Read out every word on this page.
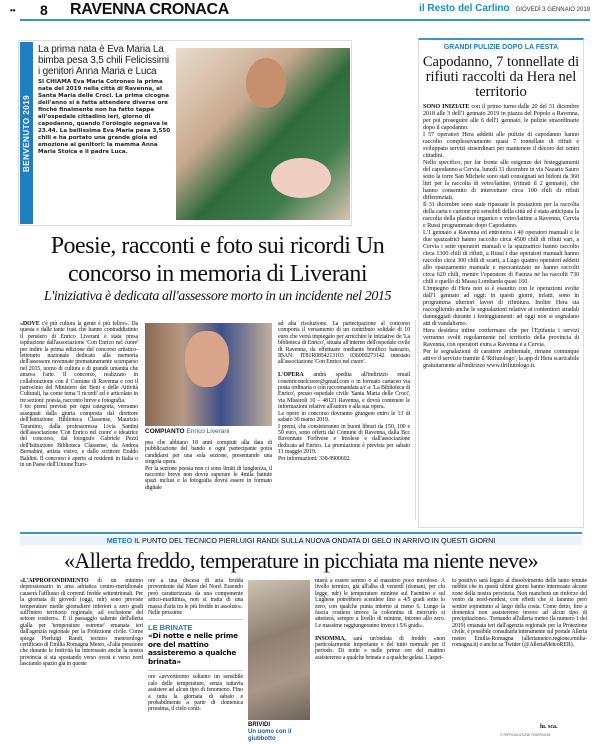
•• 8 RAVENNA CRONACA	il Resto del Carlino GIOVEDÌ 3 GENNAIO 2019
BENVENUTO 2019
La prima nata è Eva Maria La bimba pesa 3,5 chili Felicissimi i genitori Anna Maria e Luca
SI CHIAMA Eva Maria Cotroneo la prima nata del 2019 nella città di Ravenna, al Santa Maria delle Croci. La prima cicogna dell'anno si è fatta attendere diverse ore finché finalmente non ha fatto tappa all'ospedale cittadino ieri, giorno di capodanno, quando l'orologio segnava le 23.44. La bellissima Eva Maria pesa 3,550 chili e ha portato una grande gioia ed emozione ai genitori: la mamma Anna Maria Stoica e il padre Luca.
GRANDI PULIZIE DOPO LA FESTA
Capodanno, 7 tonnellate di rifiuti raccolti da Hera nel territorio

SONO INIZIATE con il primo turno dalle 20 del 31 dicembre 2018 alle 3 dell'1 gennaio 2019 in piazza del Popolo a Ravenna, per poi proseguire alle 6 dell'1 gennaio, le pulizie straordinarie dopo il capodanno.

I 57 operatori Hera addetti alle pulizie di capodanno hanno raccolto complessivamente quasi 7 tonnellate di rifiuti e sviluppato servizi straordinari per mantenere il decoro dei centri cittadini.

Nello specifico, per far fronte alle esigenze dei festeggiamenti del capodanno a Cervia, lunedì 31 dicembre in via Nazario Sauro sotto la torre San Michele sono stati consegnati sei bidoni da 360 litri per la raccolta di vetro/lattine, (ritirati il 2 gennaio), che hanno consentito di intercettare circa 100 chili di rifiuti differenziati.

Il 31 dicembre sono state ripassate le postazioni per la raccolta della carta e cartone più sensibili della città ed è stata anticipata la raccolta della plastica organico e vetro/lattine a Ravenna, Cervia e Russi programmate dopo Capodanno.

L'1 gennaio a Ravenna ed entroterra i 40 operatori manuali e le due spazzatrici hanno raccolto circa 4500 chili di rifiuti vari, a Cervia i sette operatori manuali e la spazzatrice hanno raccolto circa 1300 chili di rifiuti, a Russi i due operatori manuali hanno raccolto circa 300 chili di scarti, a Lugo quattro operatori addetti allo spazzamento manuale e meccanizzato ne hanno raccolti circa 620 chili, mentre l'operatore di Faenza ne ha raccolti 730 chili e quello di Massa Lombarda quasi 160.

L'impegno di Hera non si è esaurito con le operazioni svolte dall'1 gennaio ad oggi: in questi giorni, infatti, sono in programma ulteriori lavori di rifinitura. Inoltre Hera sta raccogliendo anche le segnalazioni relative ai contenitori stradali danneggiati durante i festeggiamenti: ad oggi non si segnalano atti di vandalismo.

Hera desidera infine confermare che per l'Epifania i servizi verranno svolti regolarmente nel territorio della provincia di Ravenna, con operatori extra a Ravenna e a Cervia.

Per le segnalazioni di carattere ambientale, rimane comunque attivo il servizio tramite il 'Rifiutologo', la app di Hera scaricabile gratuitamente all'indirizzo www.ilrifiutologo.it.

Poesie, racconti e foto sui ricordi Un concorso in memoria di Liverani
L'iniziativa è dedicata all'assessore morto in un incidente nel 2015
«DOVE c'è più cultura la gente è più felice». Da questa e dalle tante frasi che hanno contraddistinto il pensiero di Enrico Liverani è stata presa ispirazione dall'associazione 'Con Enrico nel cuore' per indire la prima edizione del concorso artistico-letterario nazionale dedicato alla memoria dell'assessore ravennate prematuramente scomparso nel 2015, uomo di cultura e di grande umanità che amava l'arte. Il concorso, realizzato in collaborazione con il Comune di Ravenna e con il patrocinio del Ministero dei Beni e delle Attività Culturali, ha come tema 'I ricordi' ed è articolato in tre sezioni: poesia, racconto breve e fotografia.
I tre premi previsti per ogni categoria, verranno assegnati dalla giuria composta dal direttore dell'Istituzione Biblioteca Classense, Maurizio Tarantino, dalla professoressa Livia Santini dell'associazione 'Con Enrico nel cuore' e ideatrice del concorso, dal fotografo Gabriele Pezzi dell'Istituzione Biblioteca Classense, da Andrea Bernabini, artista visivo, e dallo scrittore Eraldo Baldini. Il concorso è aperto ai residenti in Italia o in un Paese dell'Unione Euro-
COMPIANTO Enrico Liverani
pea che abbiano 18 anni compiuti alla data di pubblicazione del bando e ogni partecipante potrà candidarsi per una sola sezione, presentando una singola opera.
Per la sezione poesia non ci sono limiti di lunghezza, il racconto breve non dovrà superare le 4mila battute spazi inclusi e la fotografia dovrà essere in formato digitale
ad alta risoluzione. La partecipazione al concorso comporta il versamento di un contributo solidale di 10 euro che verrà impiegato per arricchire le iniziative de 'La biblioteca di Enrico', situata all'interno dell'ospedale civile di Ravenna, da effettuare mediante bonifico bancario, IBAN: IT81R0854213103 036000273142 intestato all'associazione 'Con Enrico nel cuore'.

L'OPERA andrà spedita all'indirizzo email conenriconelcuore@gmail.com o in formato cartaceo via posta ordinaria o con raccomandata a/r a: 'La Biblioteca di Enrico', presso ospedale civile 'Santa Maria delle Croci', via Missiroli 10 – 48121 Ravenna, e dovrà contenere le informazioni relative all'autore e alla sua opera.
Le opere in concorso dovranno giungere entro le 13 di sabato 30 marzo 2019.
I premi, che consisteranno in buoni librari da 150, 100 e 50 euro, sono offerti dal Comune di Ravenna, dalla Bcc Ravennate Forlivese e Imolese e dall'associazione dedicata ad Enrico. La premiazione è prevista per sabato 11 maggio 2019.
Per informazioni: 338-9900602.
METEO IL PUNTO DEL TECNICO PIERLUIGI RANDI SULLA NUOVA ONDATA DI GELO IN ARRIVO IN QUESTI GIORNI
«Allerta freddo, temperature in picchiata ma niente neve»
«L'APPROFONDIMENTO di un minimo depressionario in area adriatica centro-meridionale causerà l'afflusso di correnti fredde settentrionali. Per la giornata di giovedì (oggi, ndr) sono previste temperature medie giornaliere inferiori a zero gradi sull'intero territorio regionale, ad esclusione del settore costiero». È il passaggio saliente dell'allerta gialla per 'temperature estreme' emanata ieri dall'agenzia regionale per la Protezione civile. Come spiega Pierluigi Randi, tecnico meteorologo certificato di Emilia Romagna Meteo, «l'alta pressione che durante le festività ha interessato anche la nostra provincia si sta spostando verso ovest e verso nord lasciando spazio già in queste
ore a una discesa di aria fredda proveniente dal Mare del Nord. Essendo però caratterizzata da una componente artico-marittima, non si tratta di una massa d'aria tra le più fredde in assoluto». Nelle prossime
LE BRINATE
«Di notte e nelle prime ore del mattino assisteremo a qualche brinata»
ore «avvertiremo soltanto un sensibile calo delle temperature, senza tuttavia assistere ad alcun tipo di fenomeno. Fino a tutta la giornata di sabato e probabilmente a parte di domenica prossima, il cielo conti-
BRIVIDI
Un uomo con il giubbotto
nuerà a essere sereno o al massimo poco nuvoloso. A livello termico, già all'alba di venerdì (domani, per chi legge, ndr) le temperature minime sul Faentino e sul Lughese potrebbero scendere fino a 4/5 gradi sotto lo zero, con qualche punta intorno ai meno 6. Lungo la fascia costiera invece la colonnina di mercurio si attesterà, sempre a livello di minime, intorno allo zero. Le massime raggiungeranno invece i 5/6 gradi».

INSOMMA, sarà un'ondata di freddo «non particolarmente importante e del tutto normale per il periodo. Di notte e nelle prime ore del mattino assisteremo a qualche brinata e a qualche gelata. L'aspet-
to positivo sarà legato al dissolvimento delle tanto temute nebbie che in questi ultimi giorni hanno interessato alcune zone della nostra provincia. Non mancherà un rinforzo del vento da nord-nordest, con effetti che si faranno però sentire soprattutto al largo della costa. Come detto, fino a domenica non assisteremo invece ad alcun tipo di precipitazione». Tornando all'allerta meteo (la numero 1 del 2019) emanata ieri dall'agenzia regionale per la Protezione civile, è possibile consultarla interamente sul portale Allerta meteo Emilia-Romagna (allertameteo.regione.emilia-romagna.it) o anche su Twitter (@AllertaMeteoRER).
lu. sca.
© RIPRODUZIONE RISERVATA
